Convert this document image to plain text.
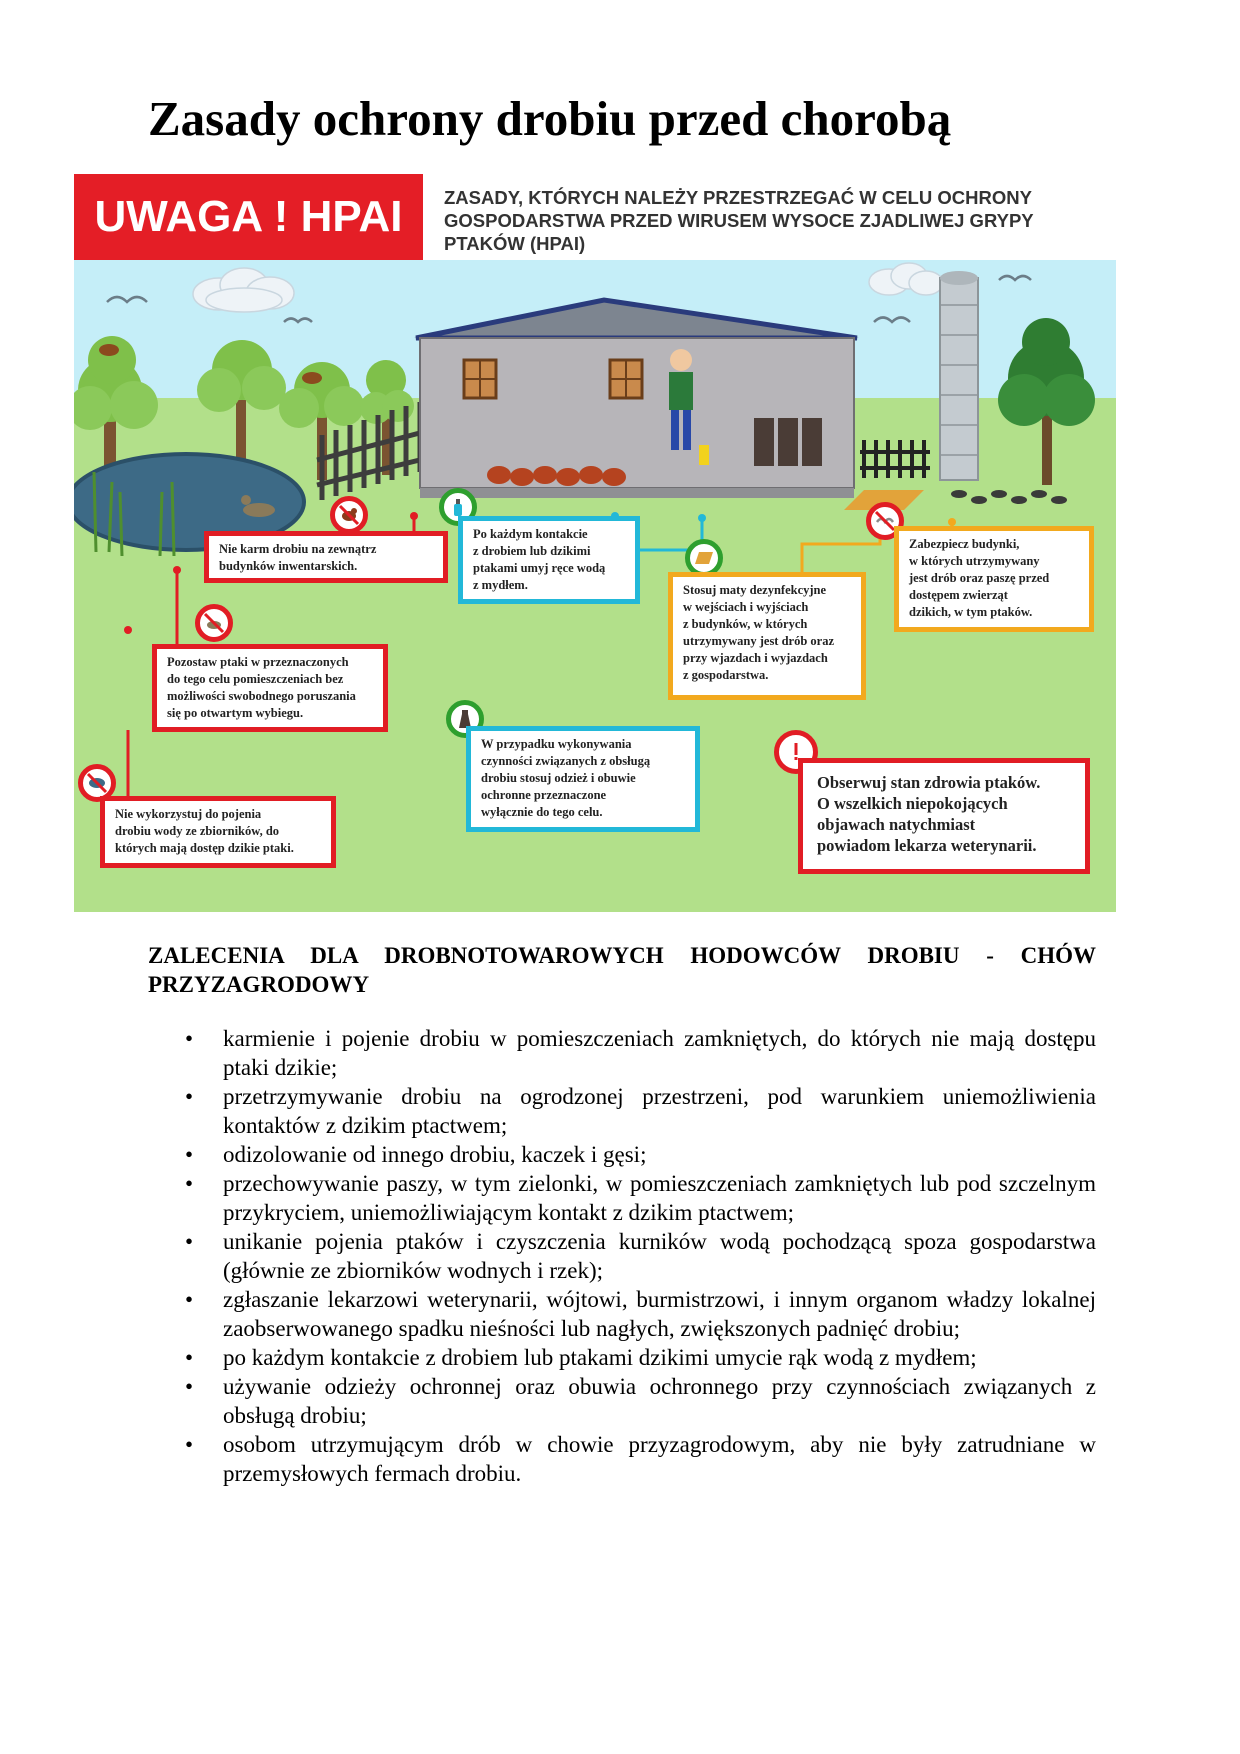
Zasady ochrony drobiu przed chorobą
UWAGA ! HPAI	ZASADY, KTÓRYCH NALEŻY PRZESTRZEGAĆ W CELU OCHRONY
GOSPODARSTWA PRZED WIRUSEM WYSOCE ZJADLIWEJ GRYPY
PTAKÓW (HPAI)
Nie karm drobiu na zewnątrz
budynków inwentarskich.
Po każdym kontakcie
z drobiem lub dzikimi
ptakami umyj ręce wodą
z mydłem.	Stosuj maty dezynfekcyjne
w wejściach i wyjściach
z budynków, w których
utrzymywany jest drób oraz
przy wjazdach i wyjazdach
z gospodarstwa.
Zabezpiecz budynki,
w których utrzymywany
jest drób oraz paszę przed
dostępem zwierząt
dzikich, w tym ptaków.
Pozostaw ptaki w przeznaczonych
do tego celu pomieszczeniach bez
możliwości swobodnego poruszania
się po otwartym wybiegu.
W przypadku wykonywania
czynności związanych z obsługą
drobiu stosuj odzież i obuwie
ochronne przeznaczone
wyłącznie do tego celu.
Nie wykorzystuj do pojenia
drobiu wody ze zbiorników, do
których mają dostęp dzikie ptaki.
Obserwuj stan zdrowia ptaków.
O wszelkich niepokojących
objawach natychmiast
powiadom lekarza weterynarii.
ZALECENIA DLA DROBNOTOWAROWYCH HODOWCÓW DROBIU - CHÓW
PRZYZAGRODOWY
• karmienie i pojenie drobiu w pomieszczeniach zamkniętych, do których nie mają dostępu ptaki dzikie;
• przetrzymywanie drobiu na ogrodzonej przestrzeni, pod warunkiem uniemożliwienia kontaktów z dzikim ptactwem;
• odizolowanie od innego drobiu, kaczek i gęsi;
• przechowywanie paszy, w tym zielonki, w pomieszczeniach zamkniętych lub pod szczelnym przykryciem, uniemożliwiającym kontakt z dzikim ptactwem;
• unikanie pojenia ptaków i czyszczenia kurników wodą pochodzącą spoza gospodarstwa (głównie ze zbiorników wodnych i rzek);
• zgłaszanie lekarzowi weterynarii, wójtowi, burmistrzowi, i innym organom władzy lokalnej zaobserwowanego spadku nieśności lub nagłych, zwiększonych padnięć drobiu;
• po każdym kontakcie z drobiem lub ptakami dzikimi umycie rąk wodą z mydłem;
• używanie odzieży ochronnej oraz obuwia ochronnego przy czynnościach związanych z obsługą drobiu;
• osobom utrzymującym drób w chowie przyzagrodowym, aby nie były zatrudniane w przemysłowych fermach drobiu.
